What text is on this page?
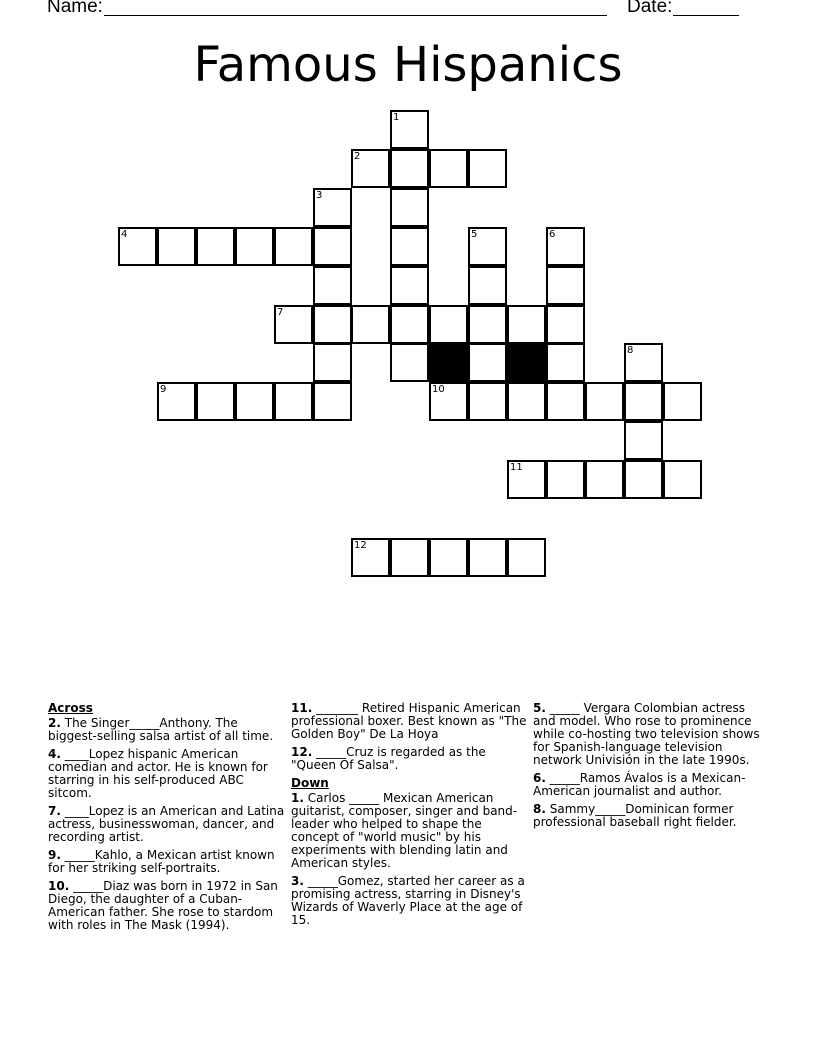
Name:	Date:
Famous Hispanics
1
2
3
4	5	6
7
8
9	10
11
12
Across
2. The Singer_____Anthony. The biggest-selling salsa artist of all time.
4. ____Lopez hispanic American comedian and actor. He is known for starring in his self-produced ABC sitcom.
7. ____Lopez is an American and Latina actress, businesswoman, dancer, and recording artist.
9. _____Kahlo, a Mexican artist known for her striking self-portraits.
10. _____Diaz was born in 1972 in San Diego, the daughter of a Cuban-American father. She rose to stardom with roles in The Mask (1994).
11. _______ Retired Hispanic American professional boxer. Best known as "The Golden Boy" De La Hoya
12. _____Cruz is regarded as the "Queen Of Salsa".
Down
1. Carlos _____ Mexican American guitarist, composer, singer and band-leader who helped to shape the concept of "world music" by his experiments with blending latin and American styles.
3. _____Gomez, started her career as a promising actress, starring in Disney's Wizards of Waverly Place at the age of 15.
5. _____ Vergara Colombian actress and model. Who rose to prominence while co-hosting two television shows for Spanish-language television network Univisión in the late 1990s.
6. _____Ramos Ávalos is a Mexican-American journalist and author.
8. Sammy_____Dominican former professional baseball right fielder.
